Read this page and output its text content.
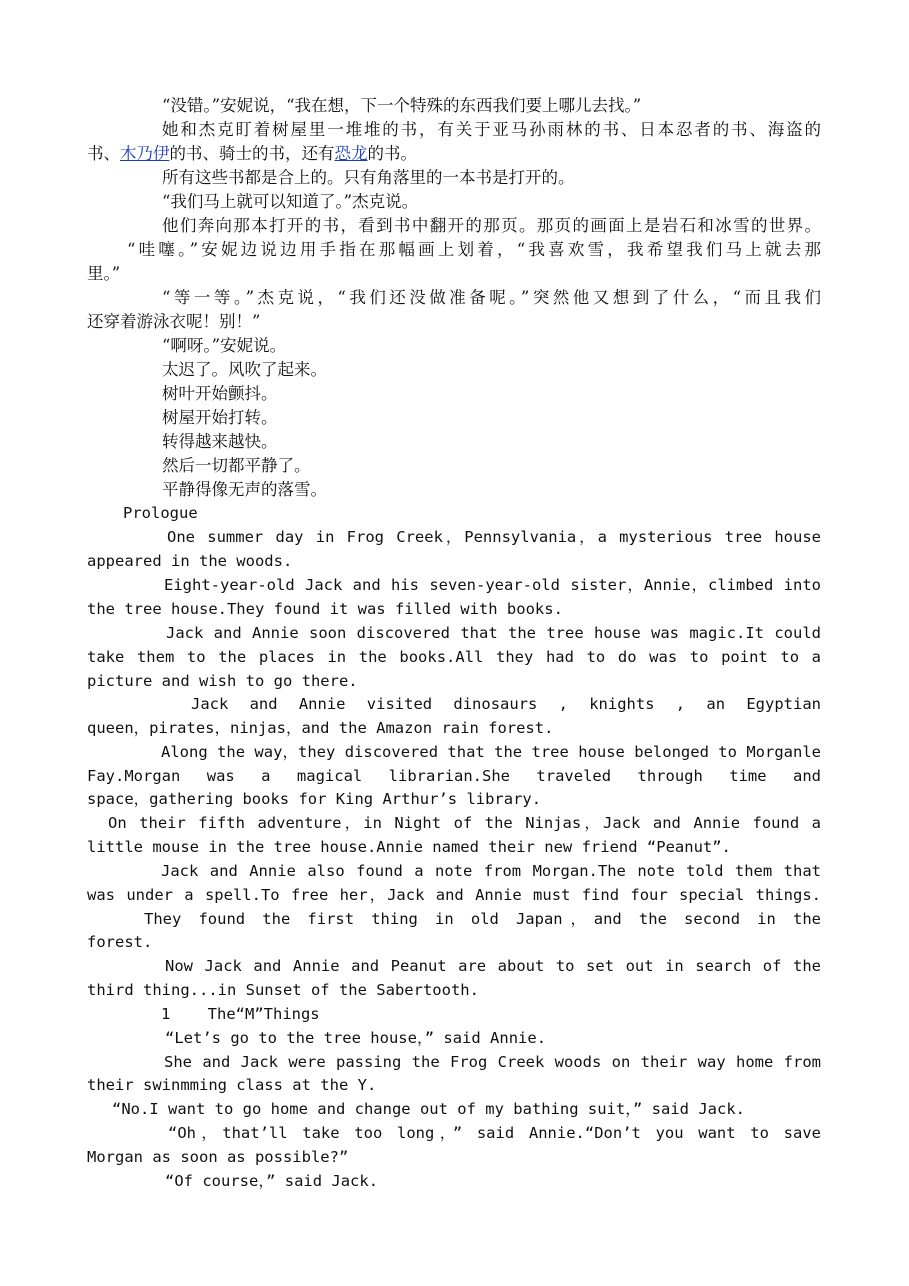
“没错。”安妮说，“我在想，下一个特殊的东西我们要上哪儿去找。”
她和杰克盯着树屋里一堆堆的书，有关于亚马孙雨林的书、日本忍者的书、海盗的
书、木乃伊的书、骑士的书，还有恐龙的书。
所有这些书都是合上的。只有角落里的一本书是打开的。
“我们马上就可以知道了。”杰克说。
他们奔向那本打开的书，看到书中翻开的那页。那页的画面上是岩石和冰雪的世界。
“哇噻。”安妮边说边用手指在那幅画上划着，“我喜欢雪，我希望我们马上就去那
里。”
“等一等。”杰克说，“我们还没做准备呢。”突然他又想到了什么，“而且我们
还穿着游泳衣呢！别！”
“啊呀。”安妮说。
太迟了。风吹了起来。
树叶开始颤抖。
树屋开始打转。
转得越来越快。
然后一切都平静了。
平静得像无声的落雪。
Prologue
One summer day in Frog Creek，Pennsylvania，a mysterious tree house
appeared in the woods.
Eight-year-old Jack and his seven-year-old sister，Annie，climbed into
the tree house.They found it was filled with books.
Jack and Annie soon discovered that the tree house was magic.It could
take them to the places in the books.All they had to do was to point to a
picture and wish to go there.
Jack and Annie visited dinosaurs , knights , an Egyptian
queen，pirates，ninjas，and the Amazon rain forest.
Along the way，they discovered that the tree house belonged to Morganle
Fay.Morgan was a magical librarian.She traveled through time and
space，gathering books for King Arthur’s library.
On their fifth adventure，in Night of the Ninjas，Jack and Annie found a
little mouse in the tree house.Annie named their new friend “Peanut”.
Jack and Annie also found a note from Morgan.The note told them that
was under a spell.To free her，Jack and Annie must find four special things.
They found the first thing in old Japan，and the second in the
forest.
Now Jack and Annie and Peanut are about to set out in search of the
third thing...in Sunset of the Sabertooth.
1    The“M”Things
“Let’s go to the tree house，” said Annie.
She and Jack were passing the Frog Creek woods on their way home from
their swinmming class at the Y.
“No.I want to go home and change out of my bathing suit，” said Jack.
“Oh，that’ll take too long，” said Annie.“Don’t you want to save
Morgan as soon as possible?”
“Of course，” said Jack.
